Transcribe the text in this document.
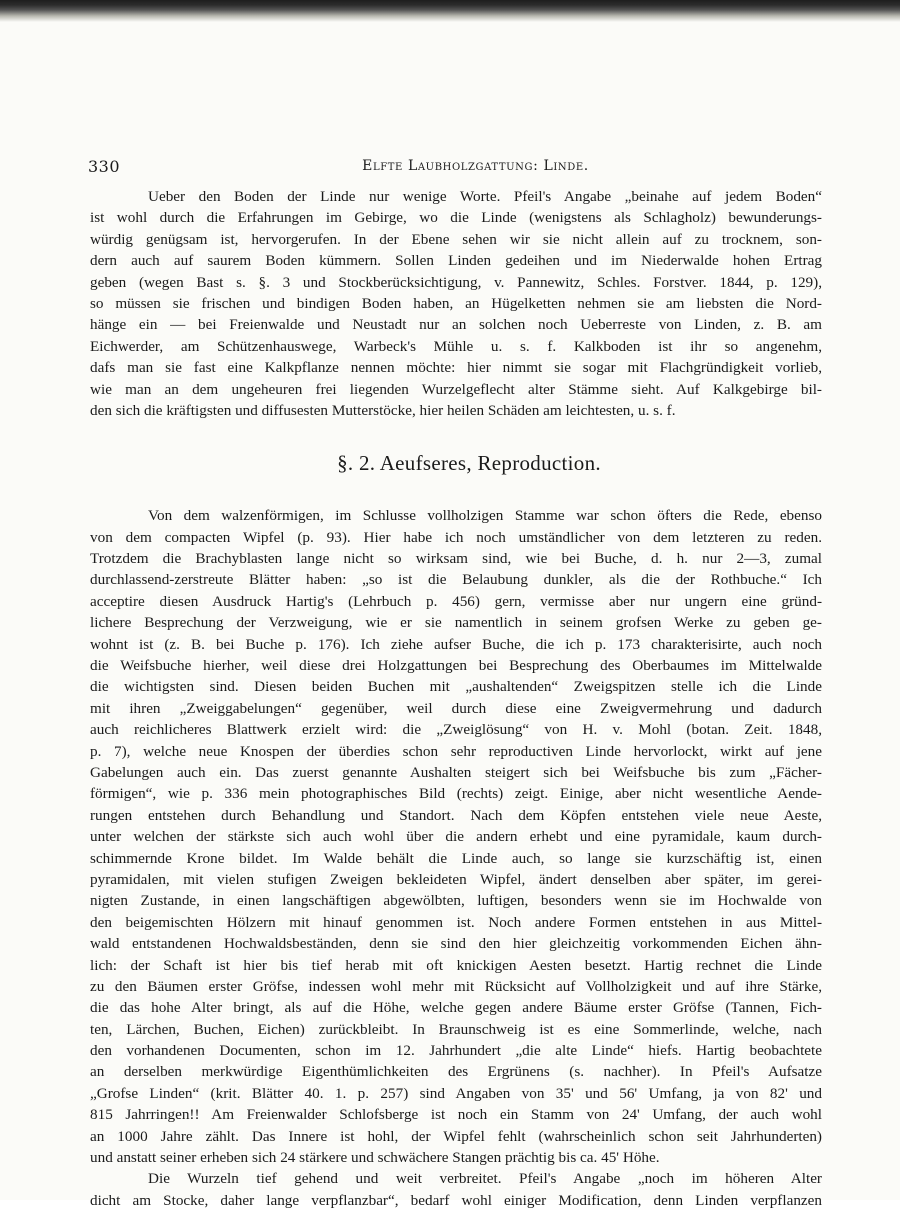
330	Elfte Laubholzgattung: Linde.
Ueber den Boden der Linde nur wenige Worte. Pfeil's Angabe „beinahe auf jedem Boden“
ist wohl durch die Erfahrungen im Gebirge, wo die Linde (wenigstens als Schlagholz) bewunderungs-
würdig genügsam ist, hervorgerufen. In der Ebene sehen wir sie nicht allein auf zu trocknem, son-
dern auch auf saurem Boden kümmern. Sollen Linden gedeihen und im Niederwalde hohen Ertrag
geben (wegen Bast s. §. 3 und Stockberücksichtigung, v. Pannewitz, Schles. Forstver. 1844, p. 129),
so müssen sie frischen und bindigen Boden haben, an Hügelketten nehmen sie am liebsten die Nord-
hänge ein — bei Freienwalde und Neustadt nur an solchen noch Ueberreste von Linden, z. B. am
Eichwerder, am Schützenhauswege, Warbeck's Mühle u. s. f. Kalkboden ist ihr so angenehm,
dafs man sie fast eine Kalkpflanze nennen möchte: hier nimmt sie sogar mit Flachgründigkeit vorlieb,
wie man an dem ungeheuren frei liegenden Wurzelgeflecht alter Stämme sieht. Auf Kalkgebirge bil-
den sich die kräftigsten und diffusesten Mutterstöcke, hier heilen Schäden am leichtesten, u. s. f.
§. 2. Aeufseres, Reproduction.
Von dem walzenförmigen, im Schlusse vollholzigen Stamme war schon öfters die Rede, ebenso
von dem compacten Wipfel (p. 93). Hier habe ich noch umständlicher von dem letzteren zu reden.
Trotzdem die Brachyblasten lange nicht so wirksam sind, wie bei Buche, d. h. nur 2—3, zumal
durchlassend-zerstreute Blätter haben: „so ist die Belaubung dunkler, als die der Rothbuche.“ Ich
acceptire diesen Ausdruck Hartig's (Lehrbuch p. 456) gern, vermisse aber nur ungern eine gründ-
lichere Besprechung der Verzweigung, wie er sie namentlich in seinem grofsen Werke zu geben ge-
wohnt ist (z. B. bei Buche p. 176). Ich ziehe aufser Buche, die ich p. 173 charakterisirte, auch noch
die Weifsbuche hierher, weil diese drei Holzgattungen bei Besprechung des Oberbaumes im Mittelwalde
die wichtigsten sind. Diesen beiden Buchen mit „aushaltenden“ Zweigspitzen stelle ich die Linde
mit ihren „Zweiggabelungen“ gegenüber, weil durch diese eine Zweigvermehrung und dadurch
auch reichlicheres Blattwerk erzielt wird: die „Zweiglösung“ von H. v. Mohl (botan. Zeit. 1848,
p. 7), welche neue Knospen der überdies schon sehr reproductiven Linde hervorlockt, wirkt auf jene
Gabelungen auch ein. Das zuerst genannte Aushalten steigert sich bei Weifsbuche bis zum „Fächer-
förmigen“, wie p. 336 mein photographisches Bild (rechts) zeigt. Einige, aber nicht wesentliche Aende-
rungen entstehen durch Behandlung und Standort. Nach dem Köpfen entstehen viele neue Aeste,
unter welchen der stärkste sich auch wohl über die andern erhebt und eine pyramidale, kaum durch-
schimmernde Krone bildet. Im Walde behält die Linde auch, so lange sie kurzschäftig ist, einen
pyramidalen, mit vielen stufigen Zweigen bekleideten Wipfel, ändert denselben aber später, im gerei-
nigten Zustande, in einen langschäftigen abgewölbten, luftigen, besonders wenn sie im Hochwalde von
den beigemischten Hölzern mit hinauf genommen ist. Noch andere Formen entstehen in aus Mittel-
wald entstandenen Hochwaldsbeständen, denn sie sind den hier gleichzeitig vorkommenden Eichen ähn-
lich: der Schaft ist hier bis tief herab mit oft knickigen Aesten besetzt. Hartig rechnet die Linde
zu den Bäumen erster Gröfse, indessen wohl mehr mit Rücksicht auf Vollholzigkeit und auf ihre Stärke,
die das hohe Alter bringt, als auf die Höhe, welche gegen andere Bäume erster Gröfse (Tannen, Fich-
ten, Lärchen, Buchen, Eichen) zurückbleibt. In Braunschweig ist es eine Sommerlinde, welche, nach
den vorhandenen Documenten, schon im 12. Jahrhundert „die alte Linde“ hiefs. Hartig beobachtete
an derselben merkwürdige Eigenthümlichkeiten des Ergrünens (s. nachher). In Pfeil's Aufsatze
„Grofse Linden“ (krit. Blätter 40. 1. p. 257) sind Angaben von 35' und 56' Umfang, ja von 82' und
815 Jahrringen!! Am Freienwalder Schlofsberge ist noch ein Stamm von 24' Umfang, der auch wohl
an 1000 Jahre zählt. Das Innere ist hohl, der Wipfel fehlt (wahrscheinlich schon seit Jahrhunderten)
und anstatt seiner erheben sich 24 stärkere und schwächere Stangen prächtig bis ca. 45' Höhe.
Die Wurzeln tief gehend und weit verbreitet. Pfeil's Angabe „noch im höheren Alter
dicht am Stocke, daher lange verpflanzbar“, bedarf wohl einiger Modification, denn Linden verpflanzen
